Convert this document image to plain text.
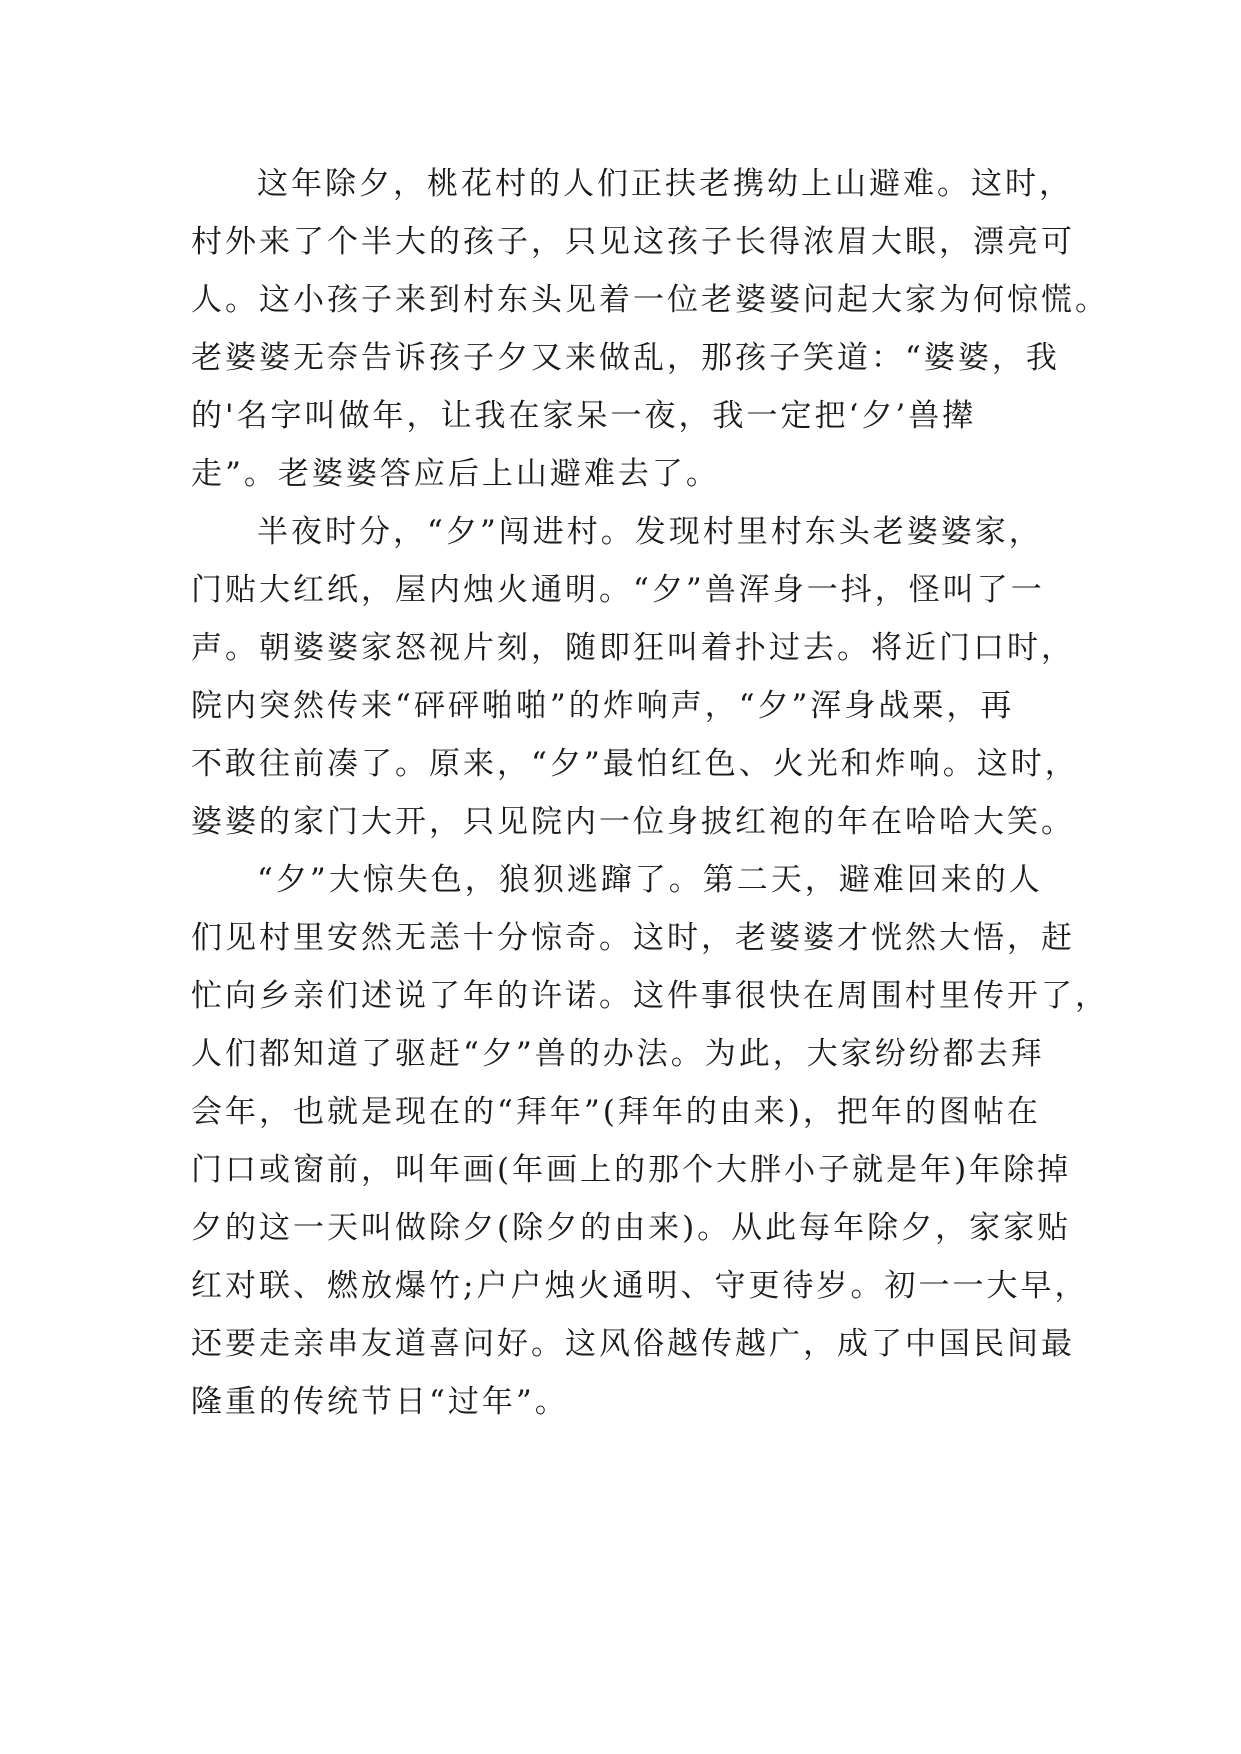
这年除夕，桃花村的人们正扶老携幼上山避难。这时，
村外来了个半大的孩子，只见这孩子长得浓眉大眼，漂亮可
人。这小孩子来到村东头见着一位老婆婆问起大家为何惊慌。
老婆婆无奈告诉孩子夕又来做乱，那孩子笑道：“婆婆，我
的'名字叫做年，让我在家呆一夜，我一定把‘夕’兽撵
走”。老婆婆答应后上山避难去了。
半夜时分，“夕”闯进村。发现村里村东头老婆婆家，
门贴大红纸，屋内烛火通明。“夕”兽浑身一抖，怪叫了一
声。朝婆婆家怒视片刻，随即狂叫着扑过去。将近门口时，
院内突然传来“砰砰啪啪”的炸响声，“夕”浑身战栗，再
不敢往前凑了。原来，“夕”最怕红色、火光和炸响。这时，
婆婆的家门大开，只见院内一位身披红袍的年在哈哈大笑。
“夕”大惊失色，狼狈逃蹿了。第二天，避难回来的人
们见村里安然无恙十分惊奇。这时，老婆婆才恍然大悟，赶
忙向乡亲们述说了年的许诺。这件事很快在周围村里传开了，
人们都知道了驱赶“夕”兽的办法。为此，大家纷纷都去拜
会年，也就是现在的“拜年”(拜年的由来)，把年的图帖在
门口或窗前，叫年画(年画上的那个大胖小子就是年)年除掉
夕的这一天叫做除夕(除夕的由来)。从此每年除夕，家家贴
红对联、燃放爆竹;户户烛火通明、守更待岁。初一一大早，
还要走亲串友道喜问好。这风俗越传越广，成了中国民间最
隆重的传统节日“过年”。
